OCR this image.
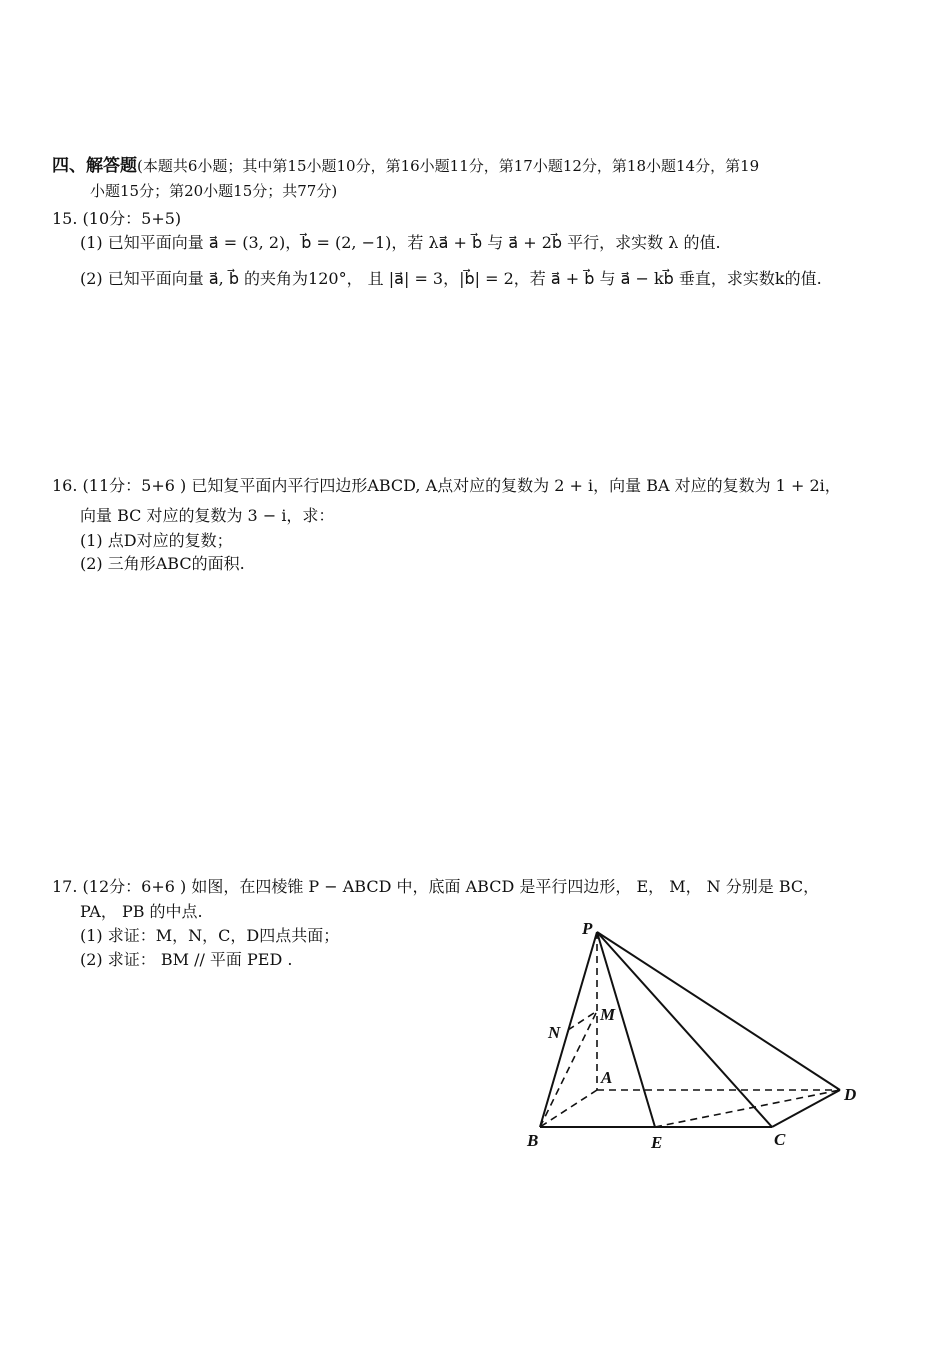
四、解答题(本题共6小题；其中第15小题10分，第16小题11分，第17小题12分，第18小题14分，第19
小题15分；第20小题15分；共77分)
15. (10分：5+5)
(1) 已知平面向量 a⃗ = (3, 2)，b⃗ = (2, −1)，若 λa⃗ + b⃗ 与 a⃗ + 2b⃗ 平行，求实数 λ 的值.
(2) 已知平面向量 a⃗, b⃗ 的夹角为120°， 且 |a⃗| = 3，|b⃗| = 2，若 a⃗ + b⃗ 与 a⃗ − kb⃗ 垂直，求实数k的值.
16. (11分：5+6 ) 已知复平面内平行四边形ABCD, A点对应的复数为 2 + i，向量 BA 对应的复数为 1 + 2i，
向量 BC 对应的复数为 3 − i，求：
(1) 点D对应的复数；
(2) 三角形ABC的面积.
17. (12分：6+6 ) 如图，在四棱锥 P − ABCD 中，底面 ABCD 是平行四边形， E， M， N 分别是 BC，
PA， PB 的中点.
(1) 求证：M，N，C，D四点共面；
(2) 求证： BM // 平面 PED .
P
M
N
A
B	E	C
D
